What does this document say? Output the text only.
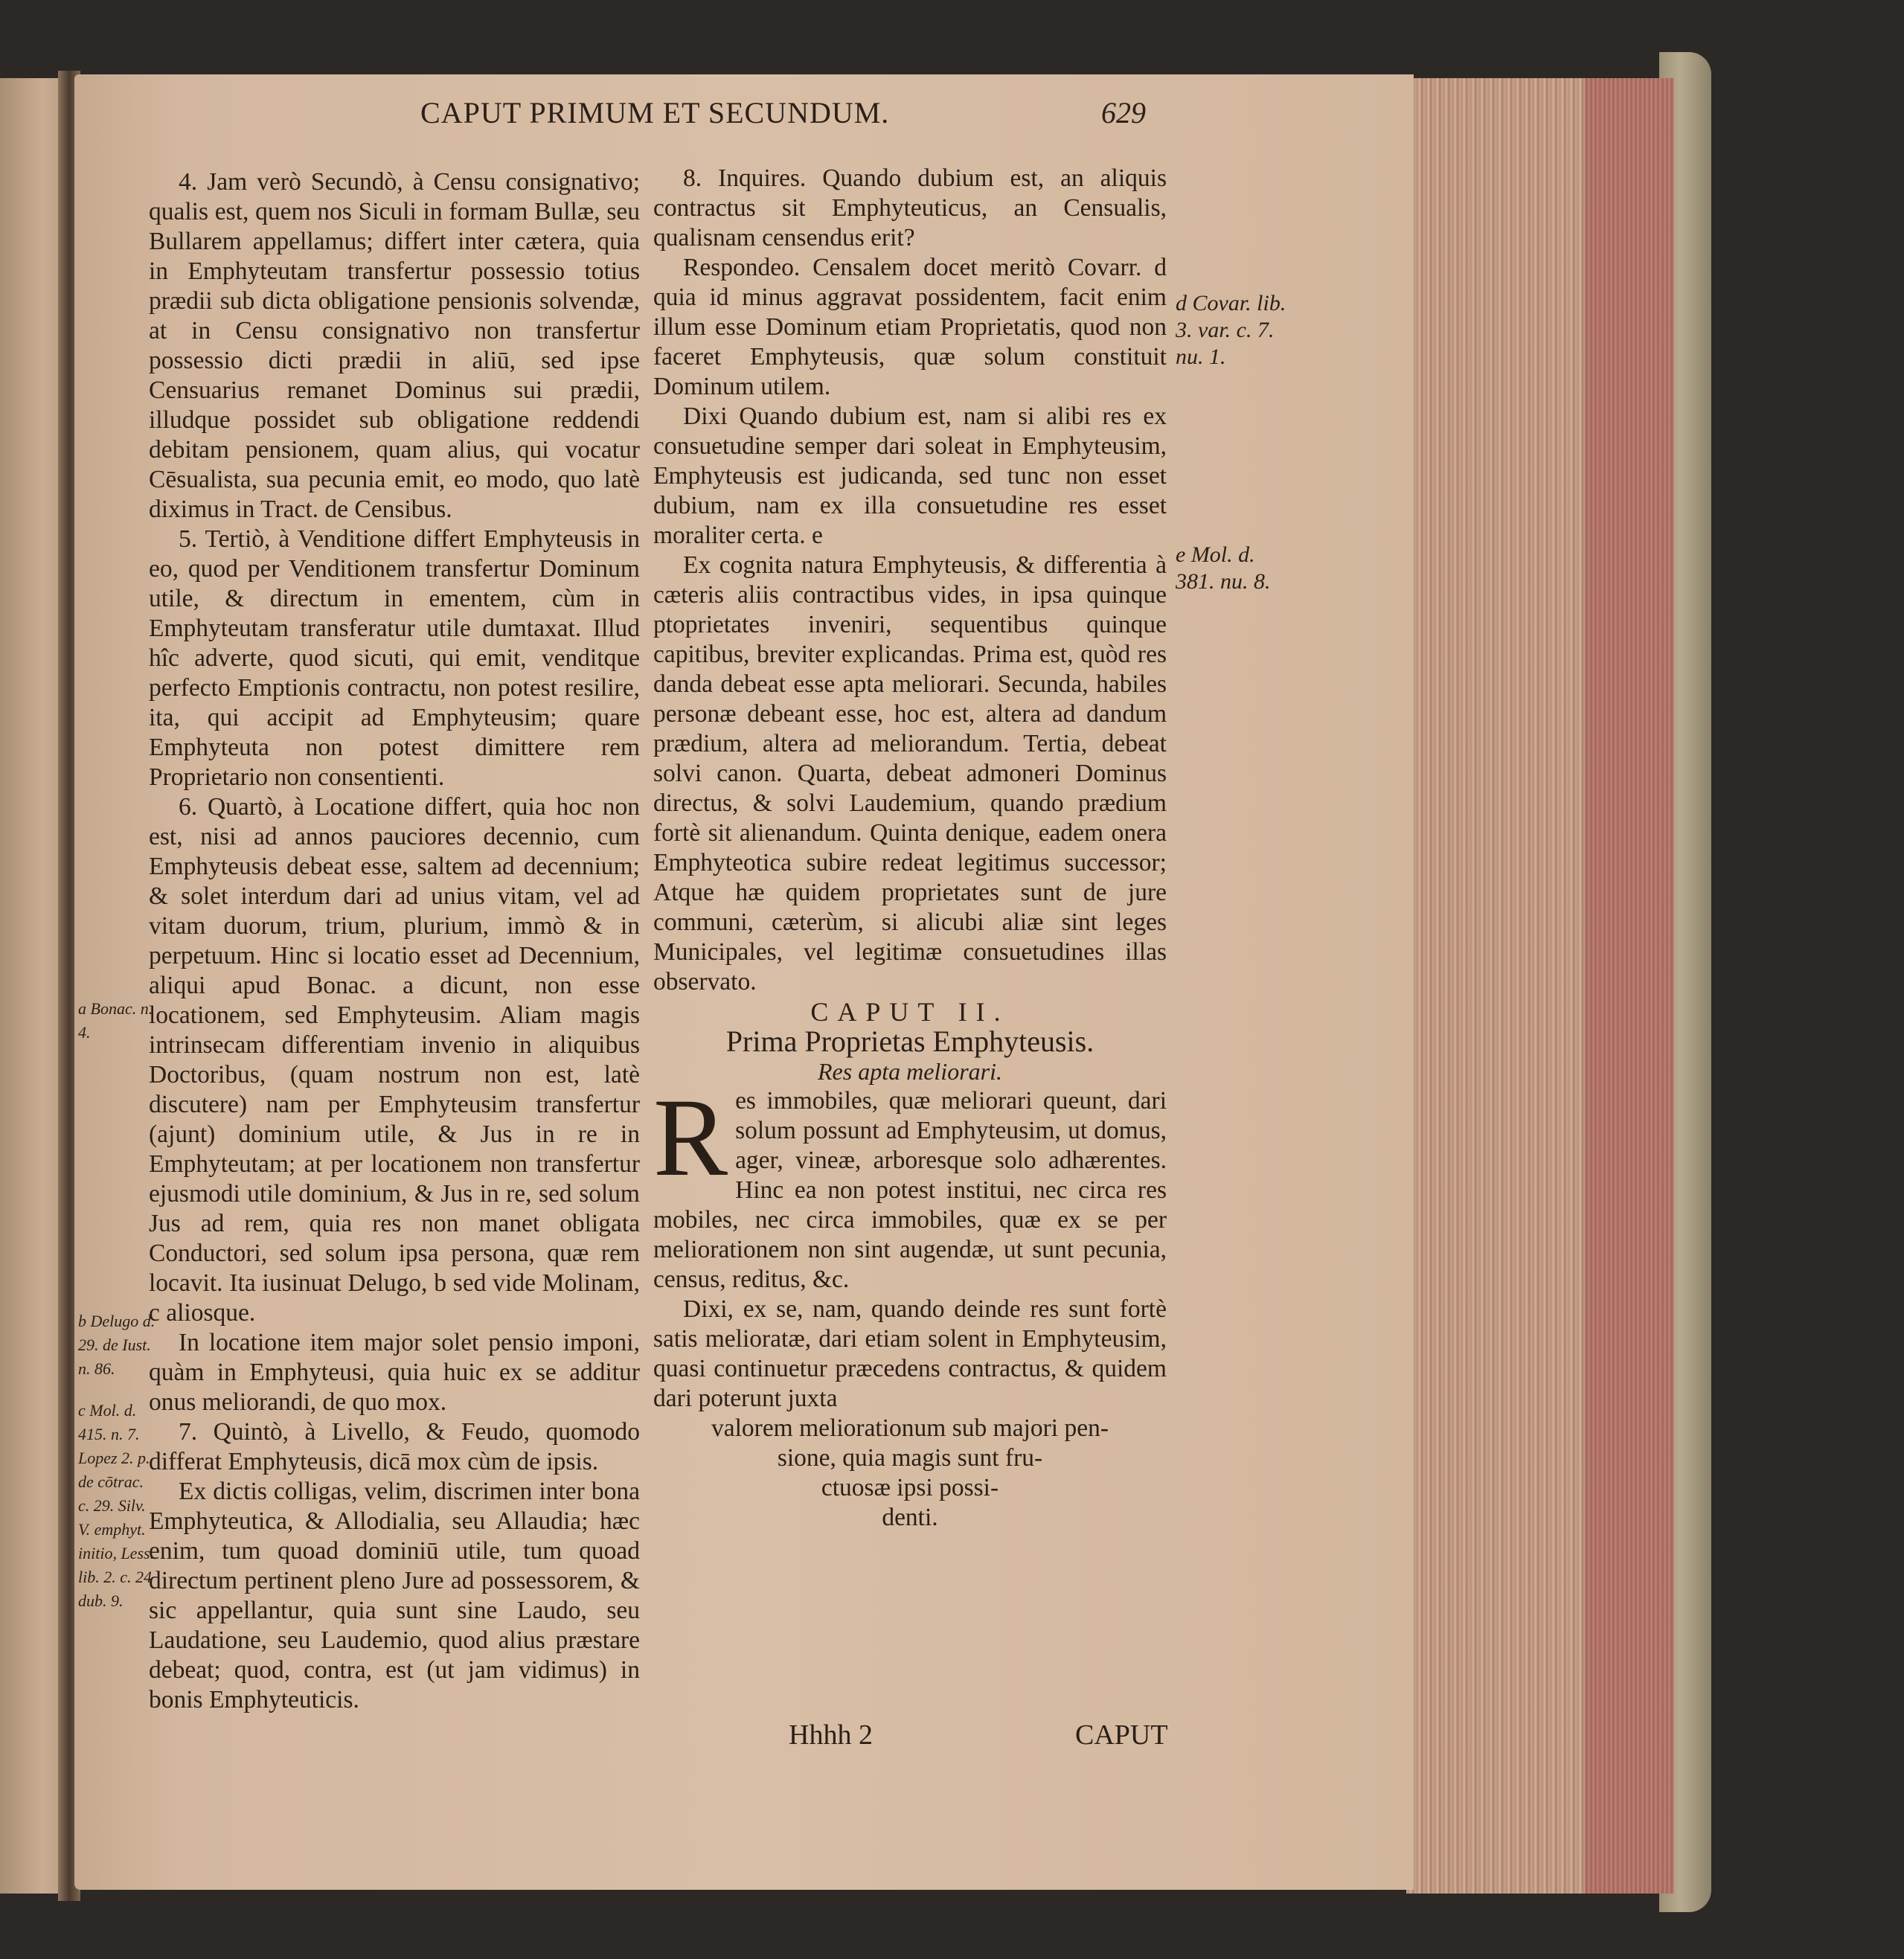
CAPUT PRIMUM ET SECUNDUM.	629

4. Jam verò Secundò, à Censu consignativo; qualis est, quem nos Siculi in formam Bullæ, seu Bullarem appellamus; differt inter cætera, quia in Emphyteutam transfertur possessio totius prædii sub dicta obligatione pensionis solvendæ, at in Censu consignativo non transfertur possessio dicti prædii in aliū, sed ipse Censuarius remanet Dominus sui prædii, illudque possidet sub obligatione reddendi debitam pensionem, quam alius, qui vocatur Cēsualista, sua pecunia emit, eo modo, quo latè diximus in Tract. de Censibus.

5. Tertiò, à Venditione differt Emphyteusis in eo, quod per Venditionem transfertur Dominum utile, & directum in ementem, cùm in Emphyteutam transferatur utile dumtaxat. Illud hîc adverte, quod sicuti, qui emit, venditque perfecto Emptionis contractu, non potest resilire, ita, qui accipit ad Emphyteusim; quare Emphyteuta non potest dimittere rem Proprietario non consentienti.

6. Quartò, à Locatione differt, quia hoc non est, nisi ad annos pauciores decennio, cum Emphyteusis debeat esse, saltem ad decennium; & solet interdum dari ad unius vitam, vel ad vitam duorum, trium, plurium, immò & in perpetuum. Hinc si locatio esset ad Decennium, aliqui apud Bonac. a dicunt, non esse locationem, sed Emphyteusim. Aliam magis intrinsecam differentiam invenio in aliquibus Doctoribus, (quam nostrum non est, latè discutere) nam per Emphyteusim transfertur (ajunt) dominium utile, & Jus in re in Emphyteutam; at per locationem non transfertur ejusmodi utile dominium, & Jus in re, sed solum Jus ad rem, quia res non manet obligata Conductori, sed solum ipsa persona, quæ rem locavit. Ita iusinuat Delugo, b sed vide Molinam, c aliosque.

In locatione item major solet pensio imponi, quàm in Emphyteusi, quia huic ex se additur onus meliorandi, de quo mox.

7. Quintò, à Livello, & Feudo, quomodo differat Emphyteusis, dicā mox cùm de ipsis.

Ex dictis colligas, velim, discrimen inter bona Emphyteutica, & Allodialia, seu Allaudia; hæc enim, tum quoad dominiū utile, tum quoad directum pertinent pleno Jure ad possessorem, & sic appellantur, quia sunt sine Laudo, seu Laudatione, seu Laudemio, quod alius præstare debeat; quod, contra, est (ut jam vidimus) in bonis Emphyteuticis.

8. Inquires. Quando dubium est, an aliquis contractus sit Emphyteuticus, an Censualis, qualisnam censendus erit?

Respondeo. Censalem docet meritò Covarr. d quia id minus aggravat possidentem, facit enim illum esse Dominum etiam Proprietatis, quod non faceret Emphyteusis, quæ solum constituit Dominum utilem.

Dixi Quando dubium est, nam si alibi res ex consuetudine semper dari soleat in Emphyteusim, Emphyteusis est judicanda, sed tunc non esset dubium, nam ex illa consuetudine res esset moraliter certa. e

Ex cognita natura Emphyteusis, & differentia à cæteris aliis contractibus vides, in ipsa quinque ptoprietates inveniri, sequentibus quinque capitibus, breviter explicandas. Prima est, quòd res danda debeat esse apta meliorari. Secunda, habiles personæ debeant esse, hoc est, altera ad dandum prædium, altera ad meliorandum. Tertia, debeat solvi canon. Quarta, debeat admoneri Dominus directus, & solvi Laudemium, quando prædium fortè sit alienandum. Quinta denique, eadem onera Emphyteotica subire redeat legitimus successor; Atque hæ quidem proprietates sunt de jure communi, cæterùm, si alicubi aliæ sint leges Municipales, vel legitimæ consuetudines illas observato.

CAPUT II.

Prima Proprietas Emphyteusis.

Res apta meliorari.

Res immobiles, quæ meliorari queunt, dari solum possunt ad Emphyteusim, ut domus, ager, vineæ, arboresque solo adhærentes. Hinc ea non potest institui, nec circa res mobiles, nec circa immobiles, quæ ex se per meliorationem non sint augendæ, ut sunt pecunia, census, reditus, &c.

Dixi, ex se, nam, quando deinde res sunt fortè satis melioratæ, dari etiam solent in Emphyteusim, quasi continuetur præcedens contractus, & quidem dari poterunt juxta

valorem meliorationum sub majori pen-

sione, quia magis sunt fru-

ctuosæ ipsi possi-

denti.

a Bonac. n. 4.
b Delugo d. 29. de Iust. n. 86.
c Mol. d. 415. n. 7. Lopez 2. p. de cōtrac. c. 29. Silv. V. emphyt. initio, Less. lib. 2. c. 24 dub. 9.
d Covar. lib. 3. var. c. 7. nu. 1.
e Mol. d. 381. nu. 8.
Hhhh 2	CAPUT
